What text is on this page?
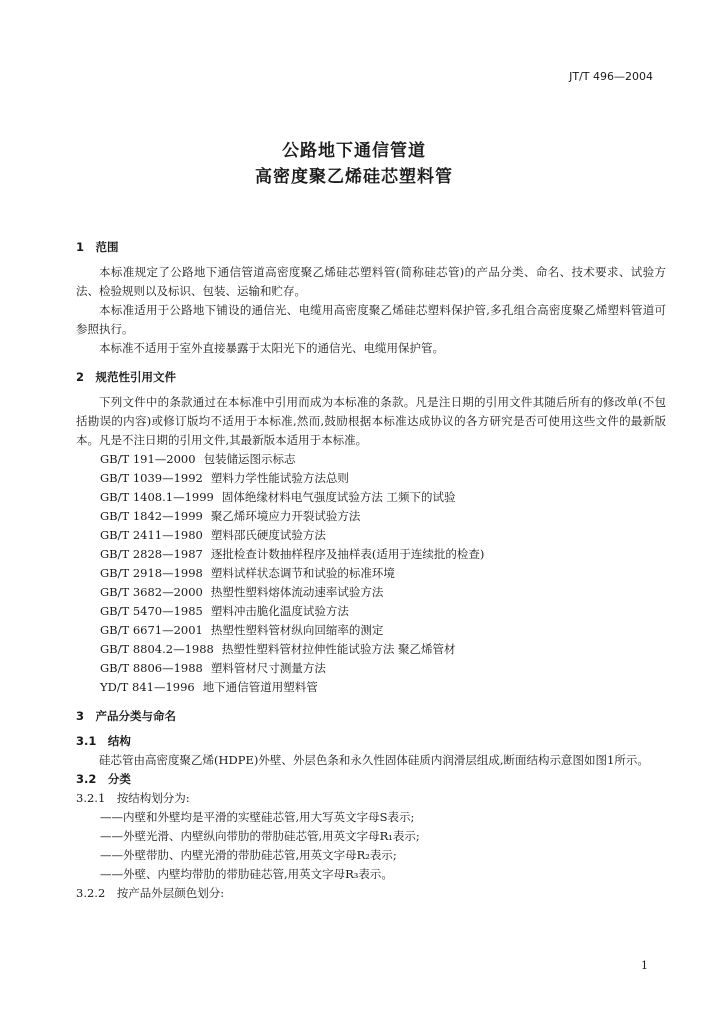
JT/T 496—2004
公路地下通信管道
高密度聚乙烯硅芯塑料管

1　范围

本标准规定了公路地下通信管道高密度聚乙烯硅芯塑料管(简称硅芯管)的产品分类、命名、技术要求、试验方法、检验规则以及标识、包装、运输和贮存。

本标准适用于公路地下铺设的通信光、电缆用高密度聚乙烯硅芯塑料保护管,多孔组合高密度聚乙烯塑料管道可参照执行。

本标准不适用于室外直接暴露于太阳光下的通信光、电缆用保护管。

2　规范性引用文件

下列文件中的条款通过在本标准中引用而成为本标准的条款。凡是注日期的引用文件其随后所有的修改单(不包括勘误的内容)或修订版均不适用于本标准,然而,鼓励根据本标准达成协议的各方研究是否可使用这些文件的最新版本。凡是不注日期的引用文件,其最新版本适用于本标准。

GB/T 191—2000 包装储运图示标志

GB/T 1039—1992 塑料力学性能试验方法总则

GB/T 1408.1—1999 固体绝缘材料电气强度试验方法 工频下的试验

GB/T 1842—1999 聚乙烯环境应力开裂试验方法

GB/T 2411—1980 塑料邵氏硬度试验方法

GB/T 2828—1987 逐批检查计数抽样程序及抽样表(适用于连续批的检查)

GB/T 2918—1998 塑料试样状态调节和试验的标准环境

GB/T 3682—2000 热塑性塑料熔体流动速率试验方法

GB/T 5470—1985 塑料冲击脆化温度试验方法

GB/T 6671—2001 热塑性塑料管材纵向回缩率的测定

GB/T 8804.2—1988 热塑性塑料管材拉伸性能试验方法 聚乙烯管材

GB/T 8806—1988 塑料管材尺寸测量方法

YD/T 841—1996 地下通信管道用塑料管

3　产品分类与命名

3.1　结构

硅芯管由高密度聚乙烯(HDPE)外壁、外层色条和永久性固体硅质内润滑层组成,断面结构示意图如图1所示。

3.2　分类

3.2.1　按结构划分为:

——内壁和外壁均是平滑的实壁硅芯管,用大写英文字母S表示;

——外壁光滑、内壁纵向带肋的带肋硅芯管,用英文字母R₁表示;

——外壁带肋、内壁光滑的带肋硅芯管,用英文字母R₂表示;

——外壁、内壁均带肋的带肋硅芯管,用英文字母R₃表示。

3.2.2　按产品外层颜色划分:

1
